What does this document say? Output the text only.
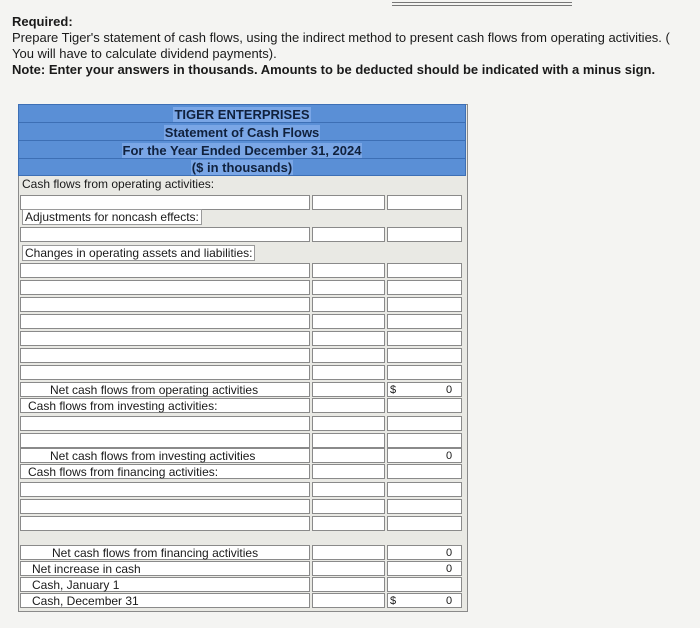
Required:
Prepare Tiger's statement of cash flows, using the indirect method to present cash flows from operating activities. (
You will have to calculate dividend payments).
Note: Enter your answers in thousands. Amounts to be deducted should be indicated with a minus sign.
TIGER ENTERPRISES
Statement of Cash Flows
For the Year Ended December 31, 2024
($ in thousands)
Cash flows from operating activities:
Adjustments for noncash effects:
Changes in operating assets and liabilities:
Net cash flows from operating activities	$	0
Cash flows from investing activities:
Net cash flows from investing activities	0
Cash flows from financing activities:
Net cash flows from financing activities	0
Net increase in cash	0
Cash, January 1
Cash, December 31	$	0
